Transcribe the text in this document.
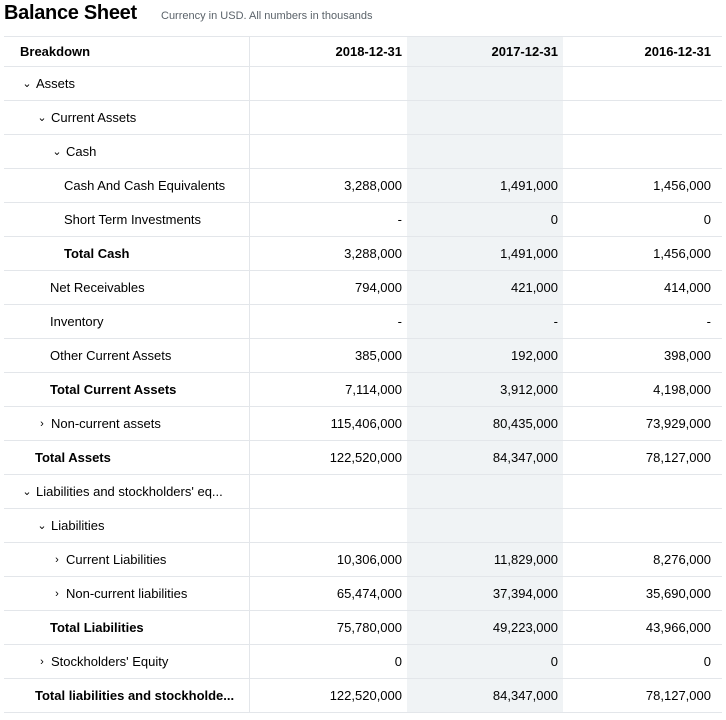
Balance Sheet Currency in USD. All numbers in thousands
Breakdown	2018-12-31	2017-12-31	2016-12-31
⌄ Assets
⌄ Current Assets
⌄ Cash
Cash And Cash Equivalents	3,288,000	1,491,000	1,456,000
Short Term Investments	-	0	0
Total Cash	3,288,000	1,491,000	1,456,000
Net Receivables	794,000	421,000	414,000
Inventory	-	-	-
Other Current Assets	385,000	192,000	398,000
Total Current Assets	7,114,000	3,912,000	4,198,000
› Non-current assets	115,406,000	80,435,000	73,929,000
Total Assets	122,520,000	84,347,000	78,127,000
⌄ Liabilities and stockholders' eq...
⌄ Liabilities
› Current Liabilities	10,306,000	11,829,000	8,276,000
› Non-current liabilities	65,474,000	37,394,000	35,690,000
Total Liabilities	75,780,000	49,223,000	43,966,000
› Stockholders' Equity	0	0	0
Total liabilities and stockholde...	122,520,000	84,347,000	78,127,000
